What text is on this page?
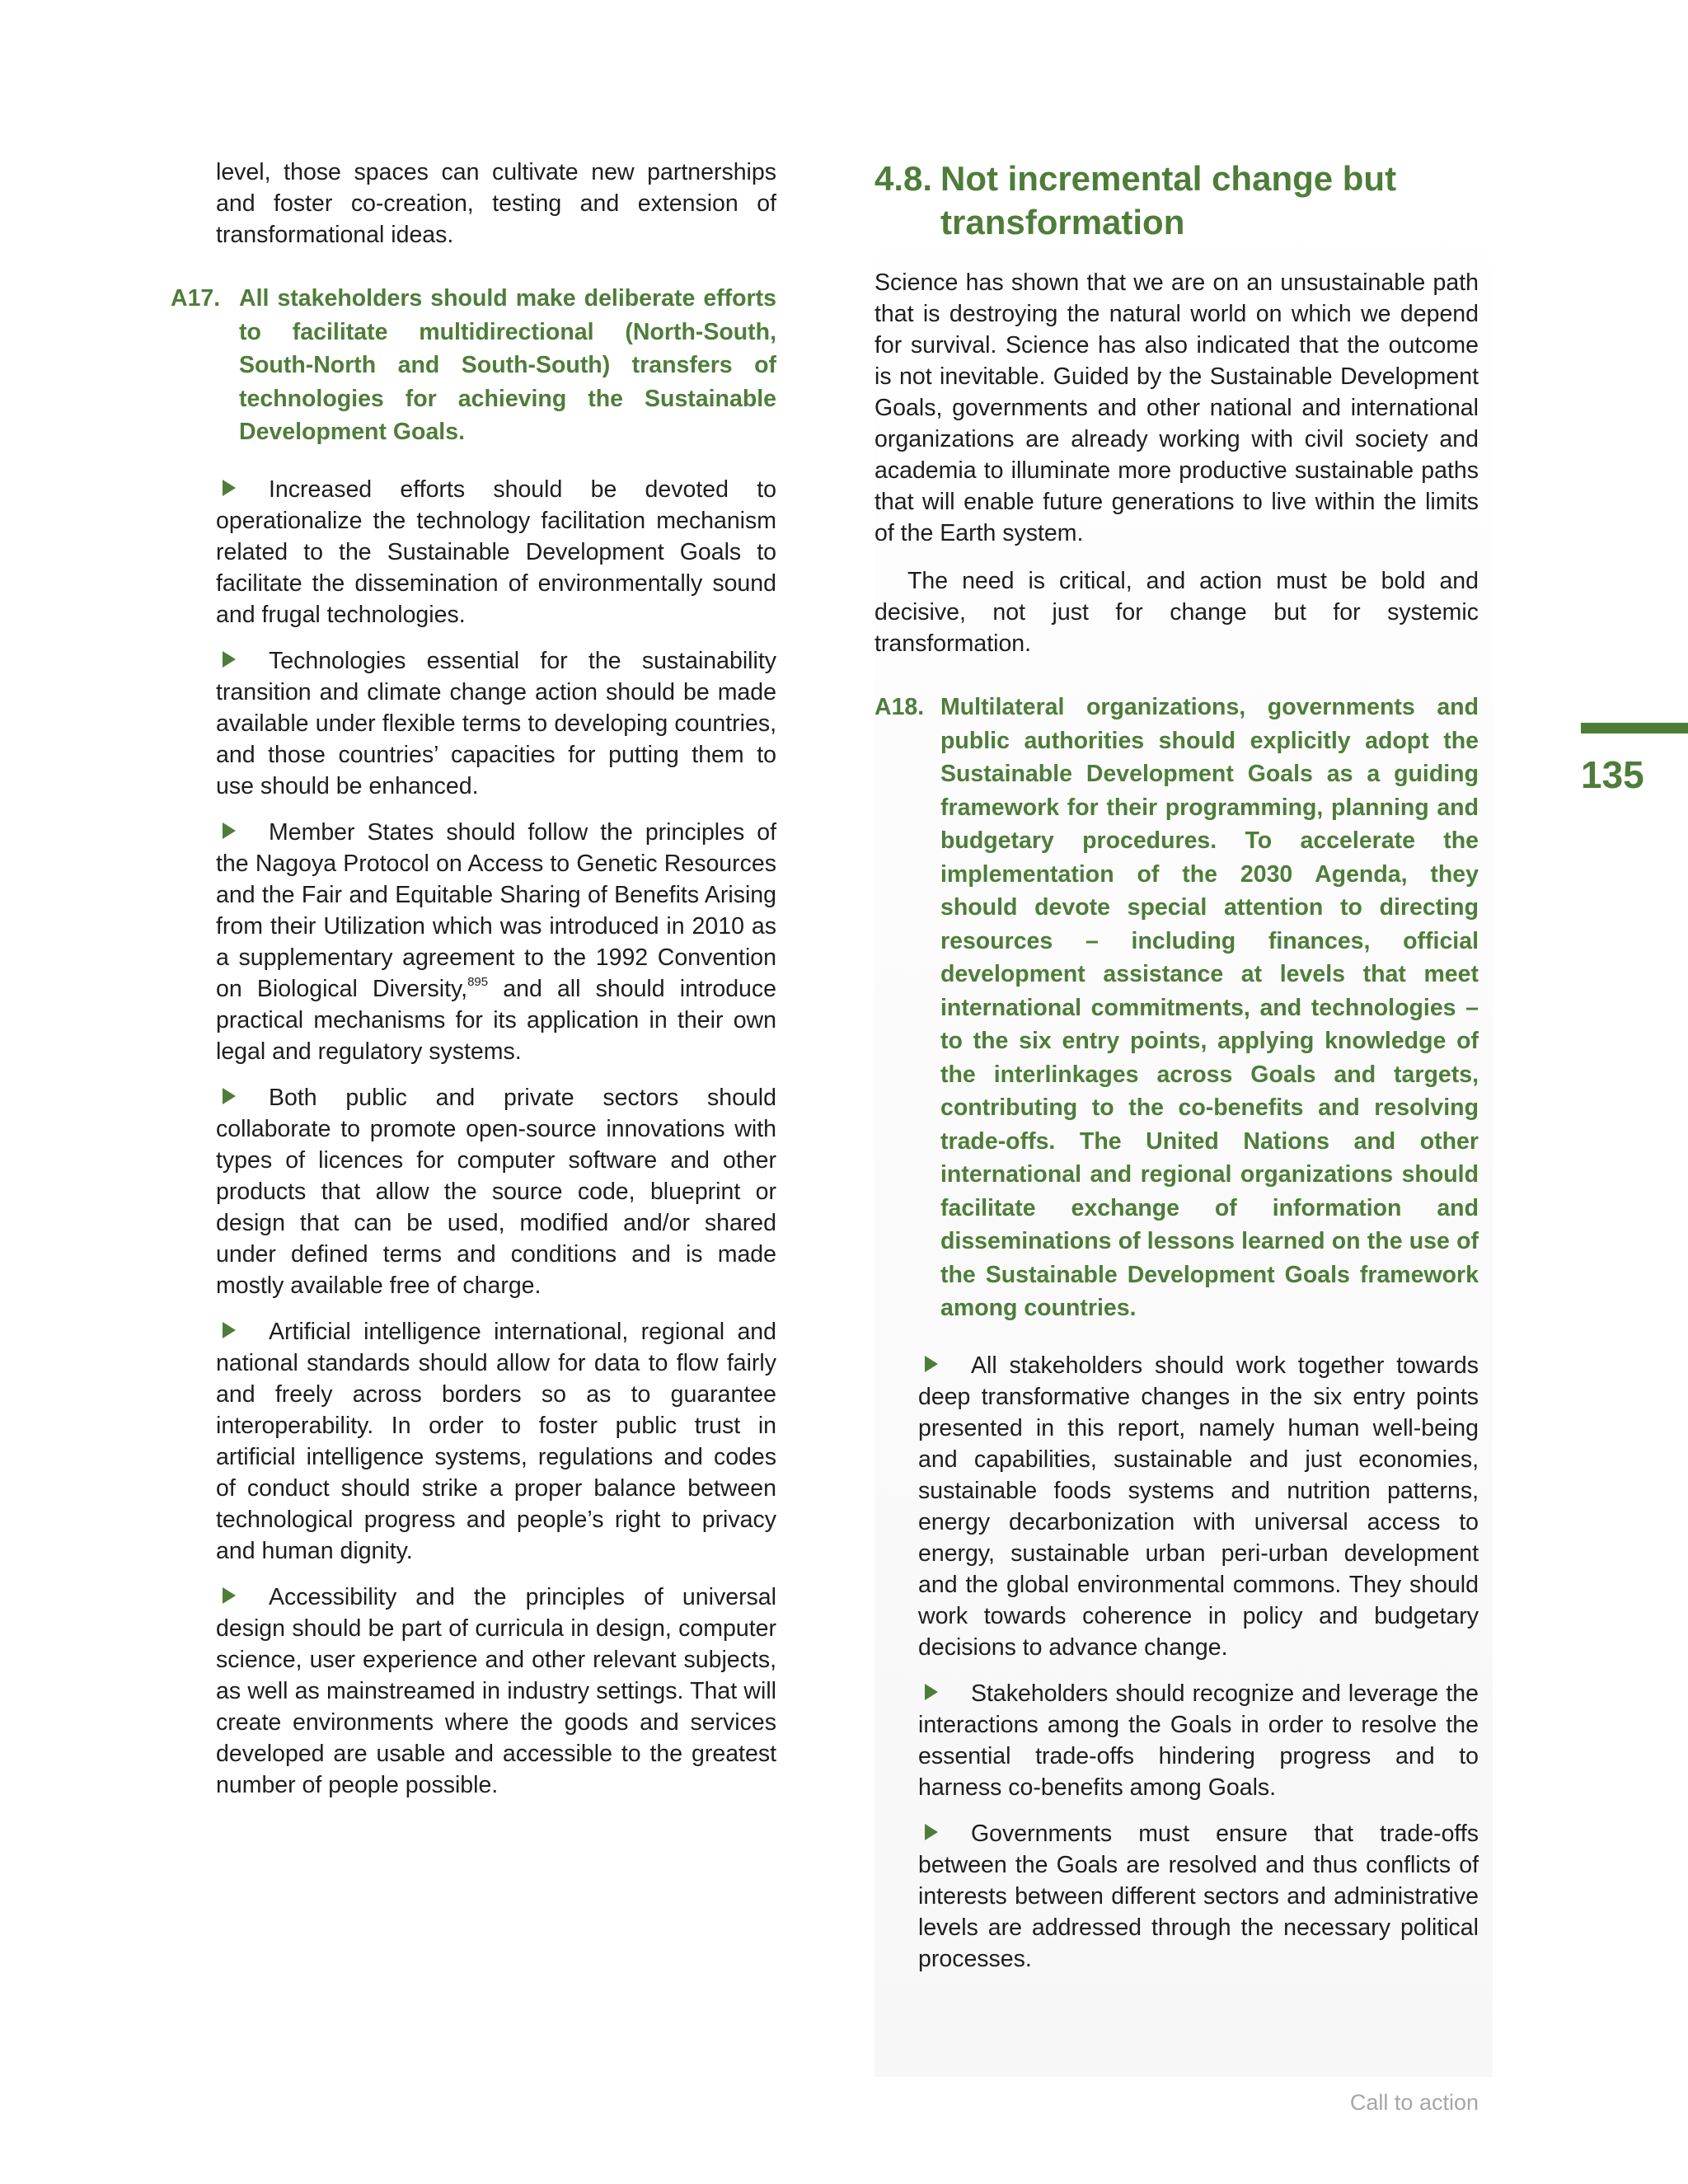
level, those spaces can cultivate new partnerships and foster co-creation, testing and extension of transformational ideas.

A17. All stakeholders should make deliberate efforts to facilitate multidirectional (North-South, South-North and South-South) transfers of technologies for achieving the Sustainable Development Goals.

Increased efforts should be devoted to operationalize the technology facilitation mechanism related to the Sustainable Development Goals to facilitate the dissemination of environmentally sound and frugal technologies.

Technologies essential for the sustainability transition and climate change action should be made available under flexible terms to developing countries, and those countries’ capacities for putting them to use should be enhanced.

Member States should follow the principles of the Nagoya Protocol on Access to Genetic Resources and the Fair and Equitable Sharing of Benefits Arising from their Utilization which was introduced in 2010 as a supplementary agreement to the 1992 Convention on Biological Diversity,$^{895}$ and all should introduce practical mechanisms for its application in their own legal and regulatory systems.

Both public and private sectors should collaborate to promote open-source innovations with types of licences for computer software and other products that allow the source code, blueprint or design that can be used, modified and/or shared under defined terms and conditions and is made mostly available free of charge.

Artificial intelligence international, regional and national standards should allow for data to flow fairly and freely across borders so as to guarantee interoperability. In order to foster public trust in artificial intelligence systems, regulations and codes of conduct should strike a proper balance between technological progress and people’s right to privacy and human dignity.

Accessibility and the principles of universal design should be part of curricula in design, computer science, user experience and other relevant subjects, as well as mainstreamed in industry settings. That will create environments where the goods and services developed are usable and accessible to the greatest number of people possible.

4.8. Not incremental change but transformation

Science has shown that we are on an unsustainable path that is destroying the natural world on which we depend for survival. Science has also indicated that the outcome is not inevitable. Guided by the Sustainable Development Goals, governments and other national and international organizations are already working with civil society and academia to illuminate more productive sustainable paths that will enable future generations to live within the limits of the Earth system.

The need is critical, and action must be bold and decisive, not just for change but for systemic transformation.

A18. Multilateral organizations, governments and public authorities should explicitly adopt the Sustainable Development Goals as a guiding framework for their programming, planning and budgetary procedures. To accelerate the implementation of the 2030 Agenda, they should devote special attention to directing resources – including finances, official development assistance at levels that meet international commitments, and technologies – to the six entry points, applying knowledge of the interlinkages across Goals and targets, contributing to the co-benefits and resolving trade-offs. The United Nations and other international and regional organizations should facilitate exchange of information and disseminations of lessons learned on the use of the Sustainable Development Goals framework among countries.

All stakeholders should work together towards deep transformative changes in the six entry points presented in this report, namely human well-being and capabilities, sustainable and just economies, sustainable foods systems and nutrition patterns, energy decarbonization with universal access to energy, sustainable urban peri-urban development and the global environmental commons. They should work towards coherence in policy and budgetary decisions to advance change.

Stakeholders should recognize and leverage the interactions among the Goals in order to resolve the essential trade-offs hindering progress and to harness co-benefits among Goals.

Governments must ensure that trade-offs between the Goals are resolved and thus conflicts of interests between different sectors and administrative levels are addressed through the necessary political processes.

135
Call to action
